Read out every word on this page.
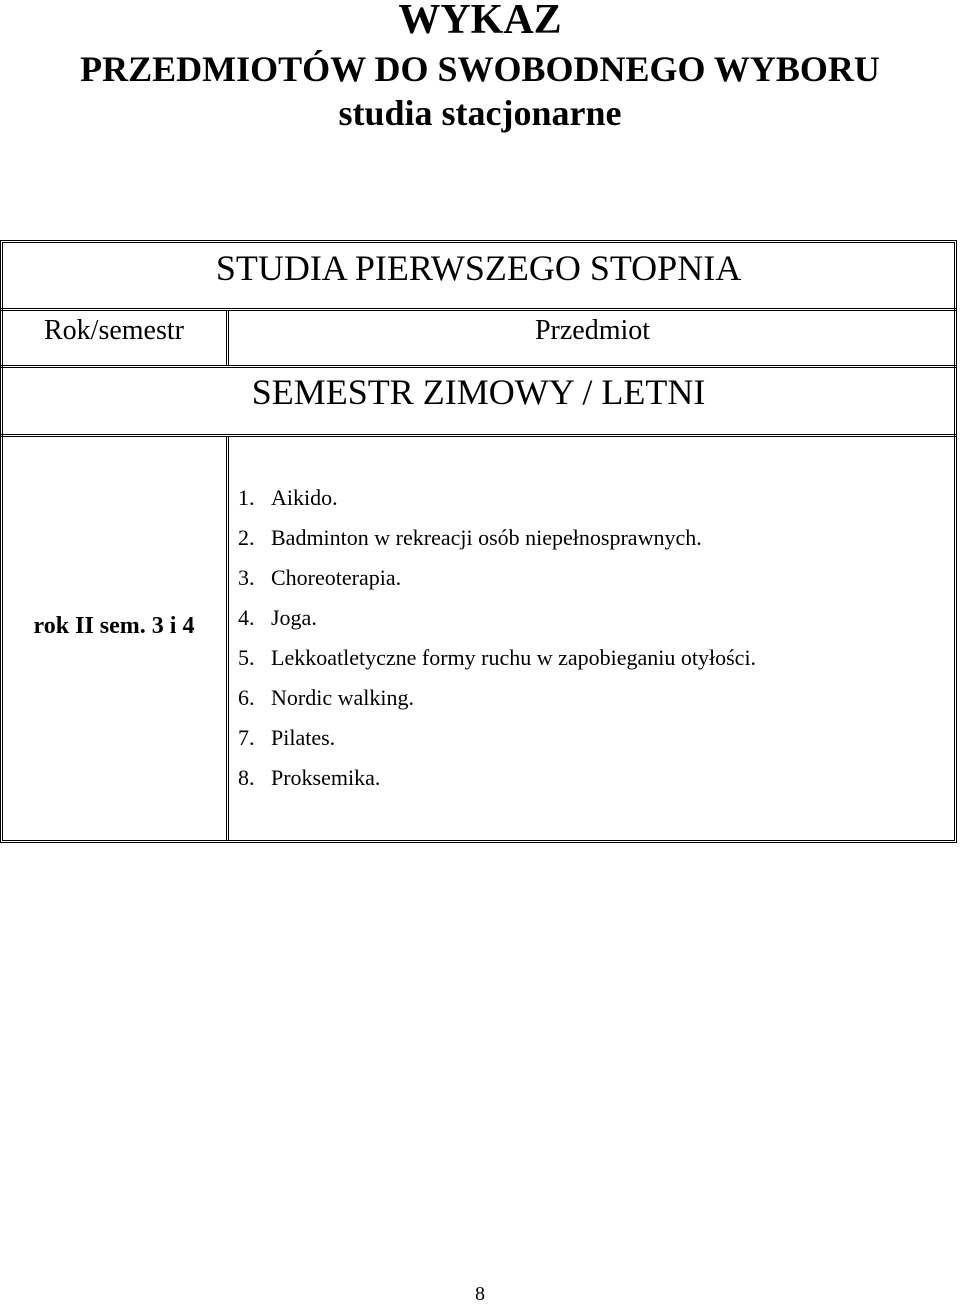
WYKAZ
PRZEDMIOTÓW DO SWOBODNEGO WYBORU
studia stacjonarne
STUDIA PIERWSZEGO STOPNIA
Rok/semestr	Przedmiot
SEMESTR ZIMOWY / LETNI
rok II sem. 3 i 4
1. Aikido.
2. Badminton w rekreacji osób niepełnosprawnych.
3. Choreoterapia.
4. Joga.
5. Lekkoatletyczne formy ruchu w zapobieganiu otyłości.
6. Nordic walking.
7. Pilates.
8. Proksemika.
8
